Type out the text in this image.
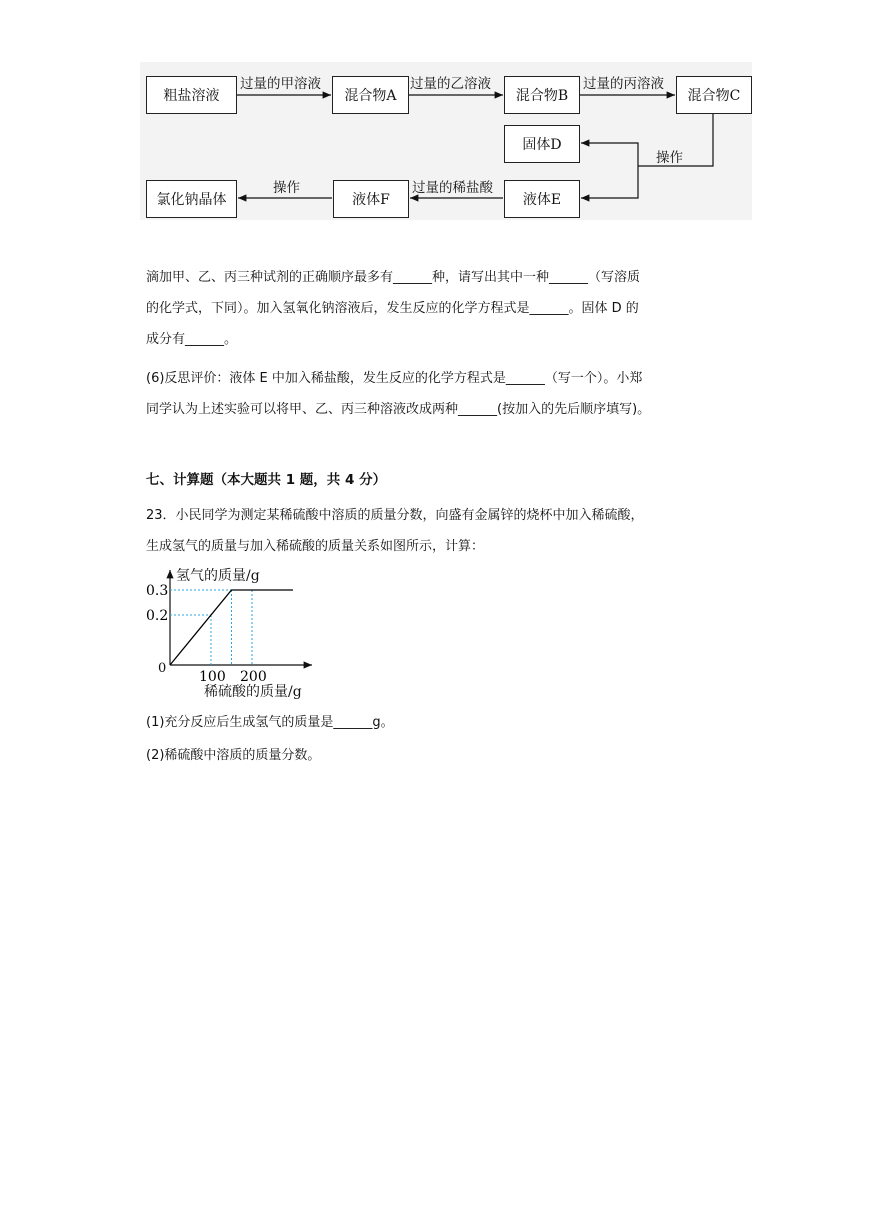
粗盐溶液	混合物A	混合物B	混合物C
固体D
液体E
液体F
氯化钠晶体
过量的甲溶液	过量的乙溶液	过量的丙溶液
操作
过量的稀盐酸
操作
滴加甲、乙、丙三种试剂的正确顺序最多有______种，请写出其中一种______（写溶质
的化学式，下同）。加入氢氧化钠溶液后，发生反应的化学方程式是______。固体 D 的
成分有______。
(6)反思评价：液体 E 中加入稀盐酸，发生反应的化学方程式是______（写一个）。小郑
同学认为上述实验可以将甲、乙、丙三种溶液改成两种______(按加入的先后顺序填写)。
七、计算题（本大题共 1 题，共 4 分）
23．小民同学为测定某稀硫酸中溶质的质量分数，向盛有金属锌的烧杯中加入稀硫酸，
生成氢气的质量与加入稀硫酸的质量关系如图所示，计算：
氢气的质量/g
稀硫酸的质量/g
0
100 200
0.2
0.3
(1)充分反应后生成氢气的质量是______g。
(2)稀硫酸中溶质的质量分数。
